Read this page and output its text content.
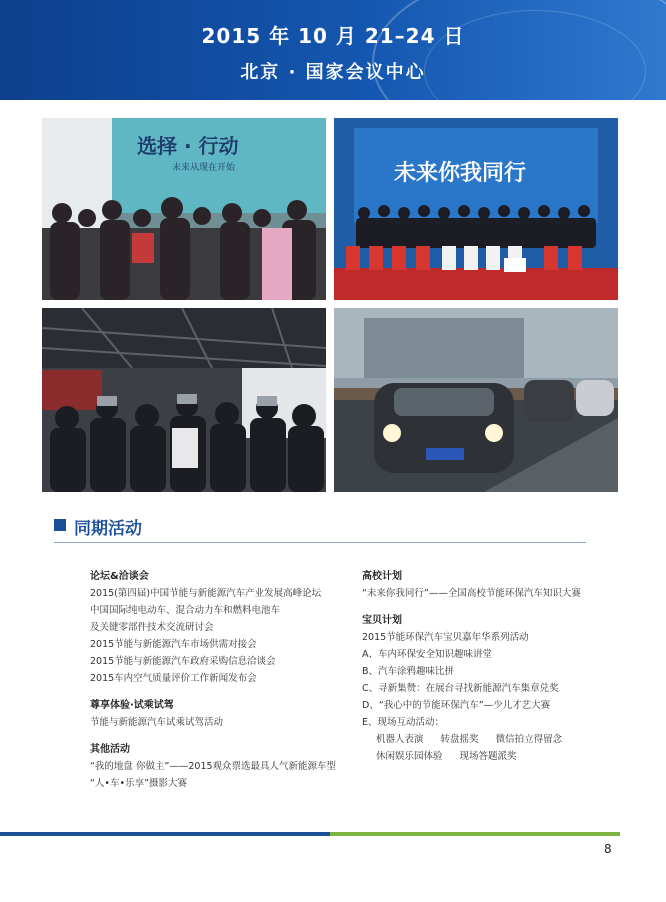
2015 年 10 月 21–24 日
北京 · 国家会议中心
选择 · 行动
未来从现在开始	未来你我同行
同期活动
论坛&洽谈会
2015(第四届)中国节能与新能源汽车产业发展高峰论坛
中国国际纯电动车、混合动力车和燃料电池车
及关键零部件技术交流研讨会
2015节能与新能源汽车市场供需对接会
2015节能与新能源汽车政府采购信息洽谈会
2015车内空气质量评价工作新闻发布会
尊享体验·试乘试驾
节能与新能源汽车试乘试驾活动
其他活动
“我的地盘 你做主”——2015观众票选最具人气新能源车型
“人•车•乐享”摄影大赛
高校计划
“未来你我同行”——全国高校节能环保汽车知识大赛
宝贝计划
2015节能环保汽车宝贝嘉年华系列活动
A、车内环保安全知识趣味讲堂
B、汽车涂鸦趣味比拼
C、寻新集赞：在展台寻找新能源汽车集章兑奖
D、“我心中的节能环保汽车”—少儿才艺大赛
E、现场互动活动：
机器人表演 转盘摇奖 微信拍立得留念
休闲娱乐园体验 现场答题派奖
8
